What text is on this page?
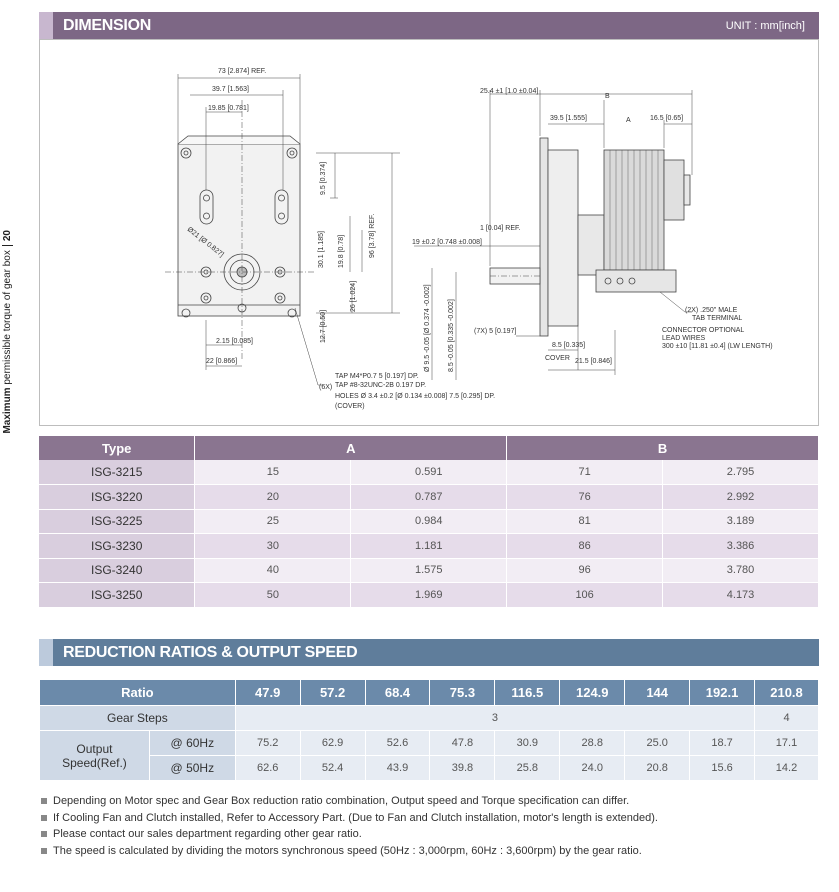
Maximum permissible torque of gear box20
DIMENSION	UNIT : mm[inch]
73 [2.874] REF.
39.7 [1.563]
19.85 [0.781]
9.5 [0.374]
30.1 [1.185] 19.8 [0.78]	96 [3.78] REF.
26 [1.024]
12.7 [0.50]
Ø21 [Ø 0.827]
2.15 [0.085]
22 [0.866]
TAP M4*P0.7 5 [0.197] DP.
(6X) TAP #8-32UNC-2B 0.197 DP.
HOLES Ø 3.4 ±0.2 [Ø 0.134 ±0.008] 7.5 [0.295] DP.
(COVER)
25.4 ±1 [1.0 ±0.04]
B
39.5 [1.555]	A	16.5 [0.65]
1 [0.04] REF.
19 ±0.2 [0.748 ±0.008]
(7X) 5 [0.197]
Ø 9.5 -0.05 [Ø 0.374 -0.002] 8.5 -0.05 [0.335 -0.002]	8.5 [0.335]
COVER 21.5 [0.846]
(2X) .250" MALE
TAB TERMINAL
CONNECTOR OPTIONAL
LEAD WIRES
300 ±10 [11.81 ±0.4] (LW LENGTH)
Type	A		B	
ISG-3215	15	0.591	71	2.795
ISG-3220	20	0.787	76	2.992
ISG-3225	25	0.984	81	3.189
ISG-3230	30	1.181	86	3.386
ISG-3240	40	1.575	96	3.780
ISG-3250	50	1.969	106	4.173
REDUCTION RATIOS & OUTPUT SPEED
Ratio		47.9	57.2	68.4	75.3	116.5	124.9	144	192.1	210.8
Gear Steps		3								4
Output
Speed(Ref.)	@ 60Hz	75.2	62.9	52.6	47.8	30.9	28.8	25.0	18.7	17.1
	@ 50Hz	62.6	52.4	43.9	39.8	25.8	24.0	20.8	15.6	14.2
Depending on Motor spec and Gear Box reduction ratio combination, Output speed and Torque specification can differ.
If Cooling Fan and Clutch installed, Refer to Accessory Part. (Due to Fan and Clutch installation, motor's length is extended).
Please contact our sales department regarding other gear ratio.
The speed is calculated by dividing the motors synchronous speed (50Hz : 3,000rpm, 60Hz : 3,600rpm) by the gear ratio.
